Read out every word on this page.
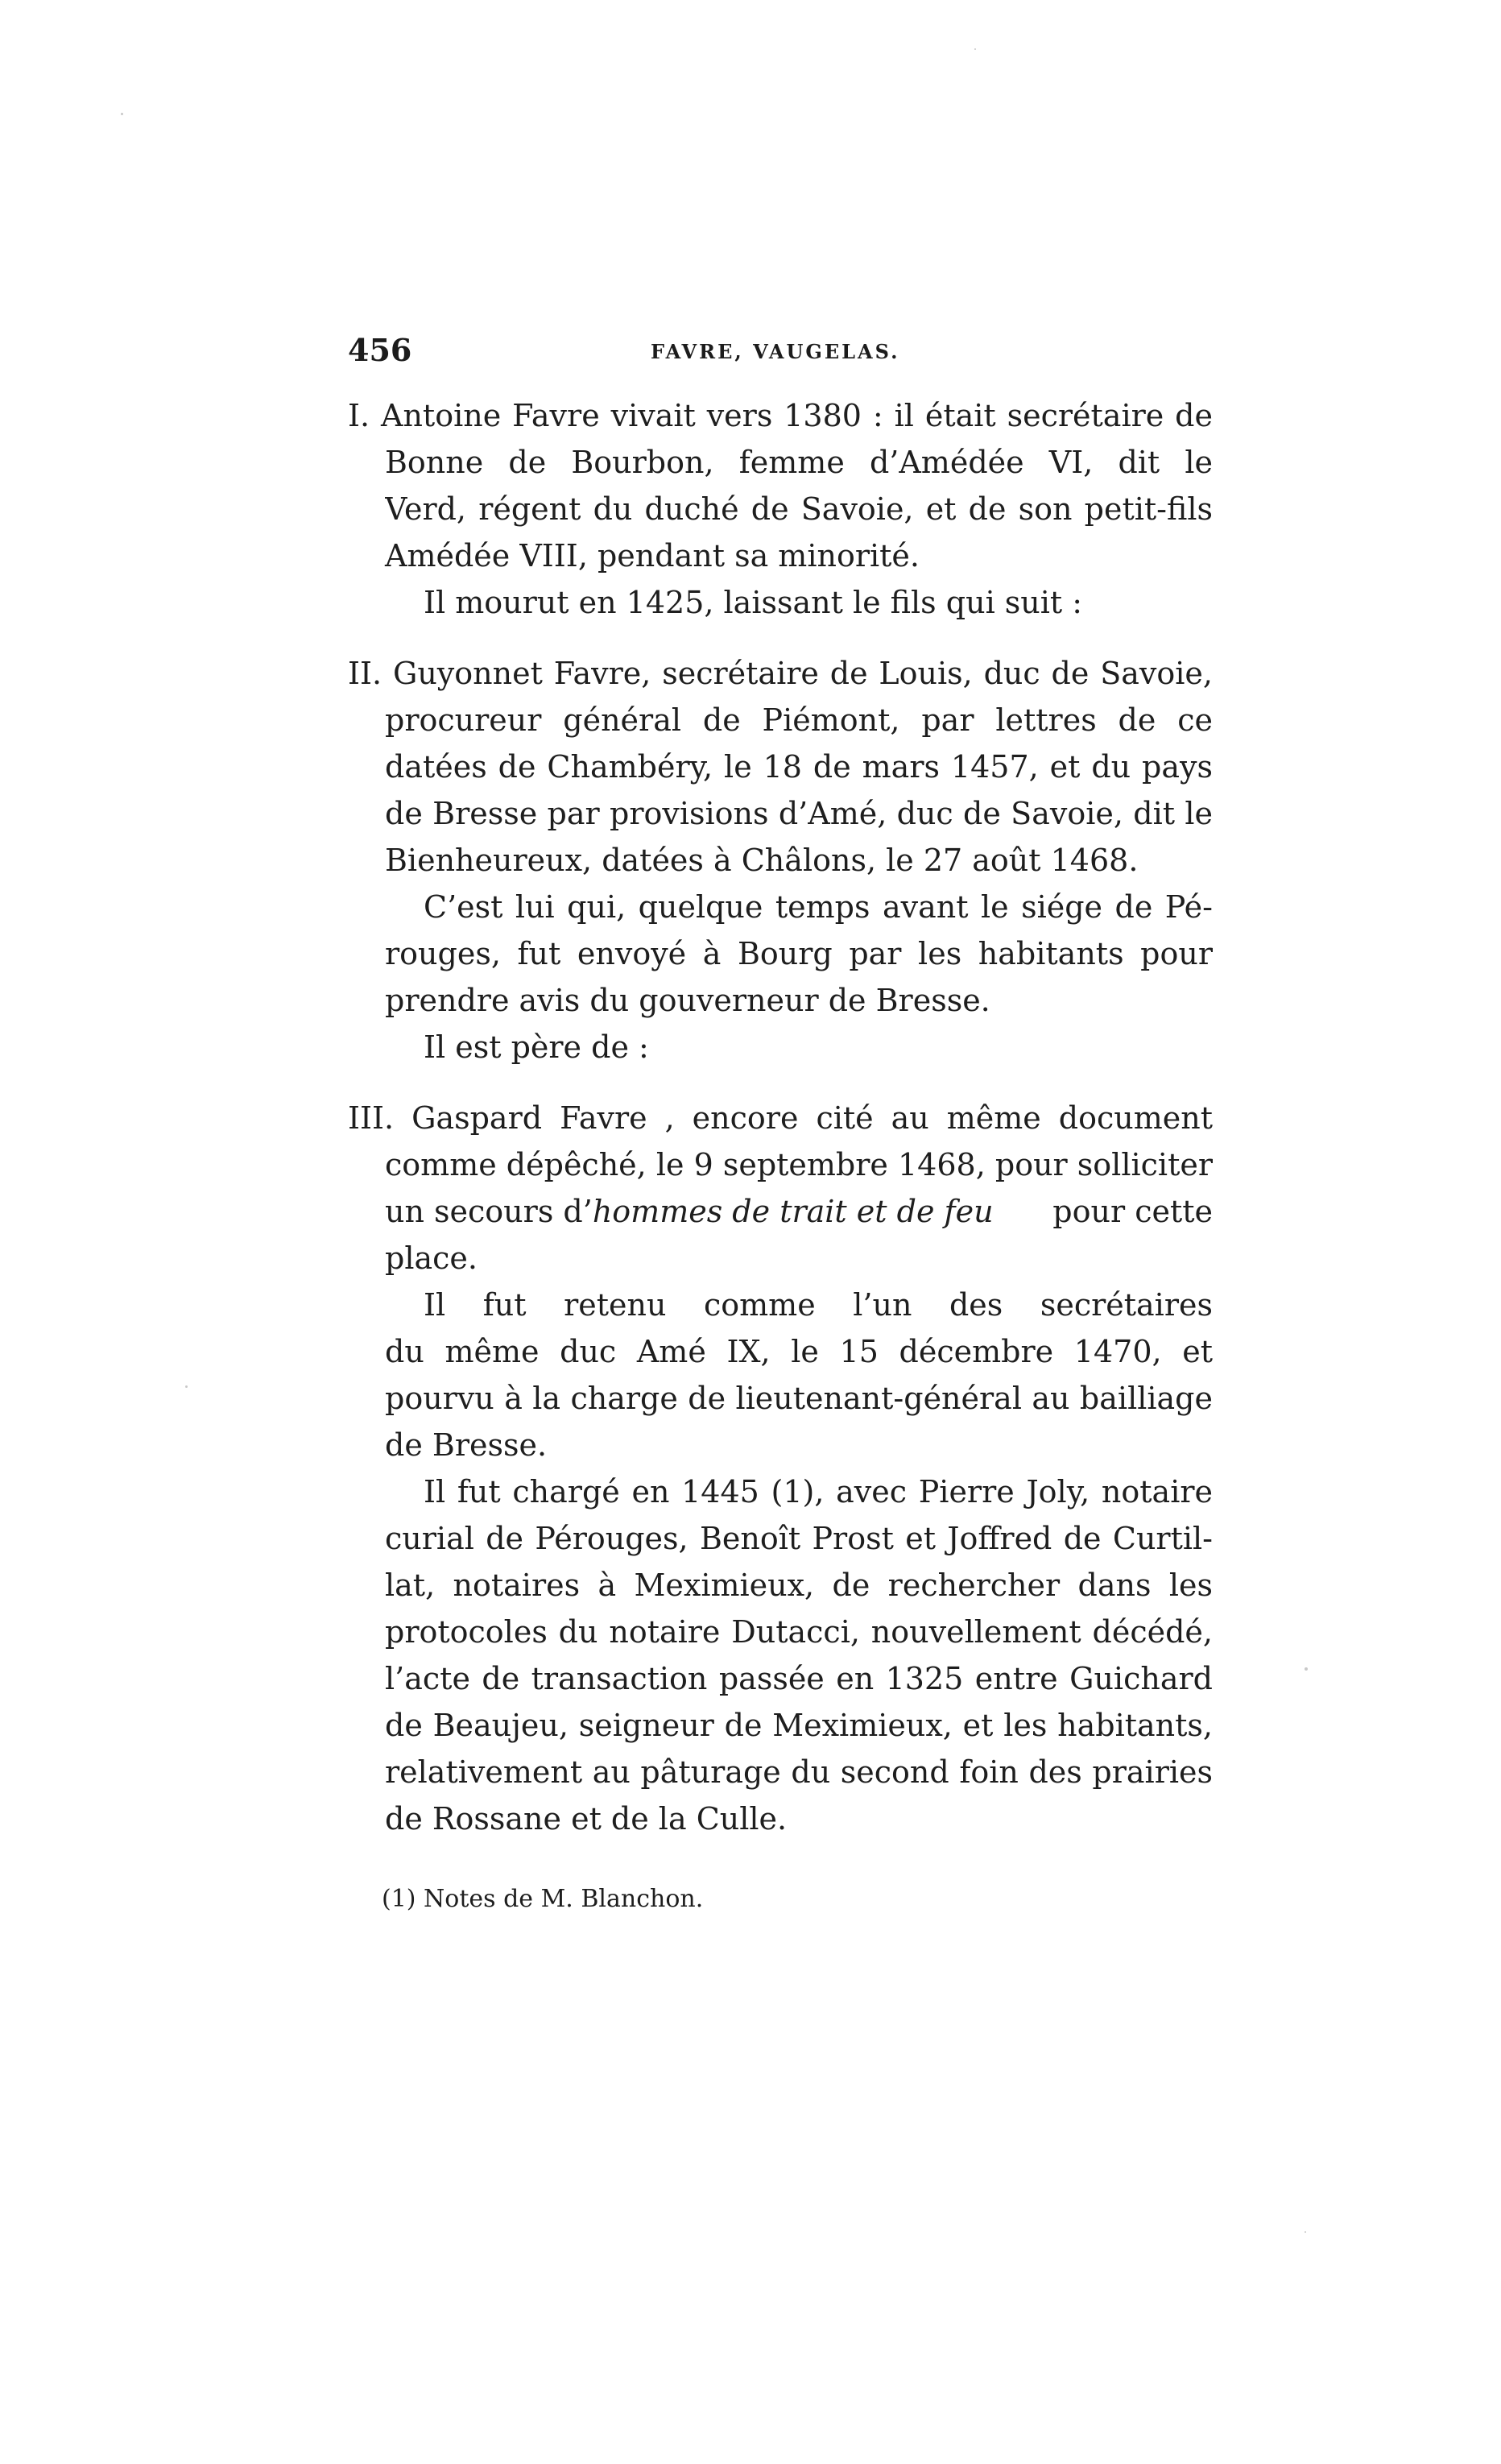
456	FAVRE, VAUGELAS.
I. Antoine Favre vivait vers 1380 : il était secrétaire de
Bonne de Bourbon, femme d’Amédée VI, dit le
Verd, régent du duché de Savoie, et de son petit-fils
Amédée VIII, pendant sa minorité.
Il mourut en 1425, laissant le fils qui suit :
II. Guyonnet Favre, secrétaire de Louis, duc de Savoie,
procureur général de Piémont, par lettres de ce
datées de Chambéry, le 18 de mars 1457, et du pays
de Bresse par provisions d’Amé, duc de Savoie, dit le
Bienheureux, datées à Châlons, le 27 août 1468.
C’est lui qui, quelque temps avant le siége de Pé-
rouges, fut envoyé à Bourg par les habitants pour
prendre avis du gouverneur de Bresse.
Il est père de :
III. Gaspard Favre , encore cité au même document
comme dépêché, le 9 septembre 1468, pour solliciter
un secours d’ hommes de trait et de feu	pour cette
place.
Il fut retenu comme l’un des secrétaires
du même duc Amé IX, le 15 décembre 1470, et
pourvu à la charge de lieutenant-général au bailliage
de Bresse.
Il fut chargé en 1445 (1), avec Pierre Joly, notaire
curial de Pérouges, Benoît Prost et Joffred de Curtil-
lat, notaires à Meximieux, de rechercher dans les
protocoles du notaire Dutacci, nouvellement décédé,
l’acte de transaction passée en 1325 entre Guichard
de Beaujeu, seigneur de Meximieux, et les habitants,
relativement au pâturage du second foin des prairies
de Rossane et de la Culle.
(1) Notes de M. Blanchon.
